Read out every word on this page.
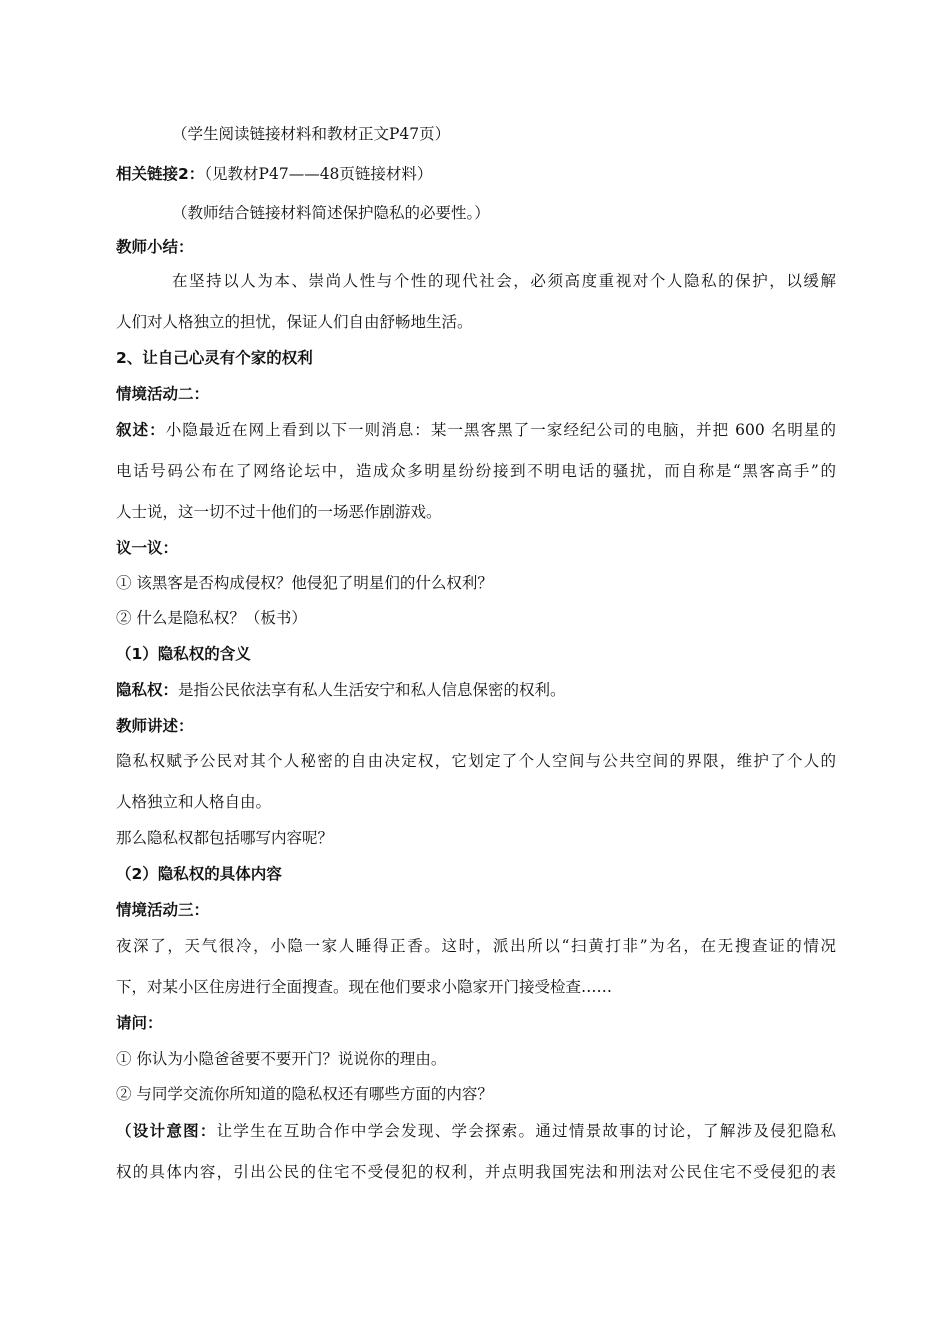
（学生阅读链接材料和教材正文P47页）
相关链接2：（见教材P47——48页链接材料）
（教师结合链接材料简述保护隐私的必要性。）
教师小结：
在坚持以人为本、崇尚人性与个性的现代社会，必须高度重视对个人隐私的保护，以缓解
人们对人格独立的担忧，保证人们自由舒畅地生活。
2、让自己心灵有个家的权利
情境活动二：
叙述：小隐最近在网上看到以下一则消息：某一黑客黑了一家经纪公司的电脑，并把 600 名明星的
电话号码公布在了网络论坛中，造成众多明星纷纷接到不明电话的骚扰，而自称是“黑客高手”的
人士说，这一切不过十他们的一场恶作剧游戏。
议一议：
① 该黑客是否构成侵权？他侵犯了明星们的什么权利？
② 什么是隐私权？（板书）
（1）隐私权的含义
隐私权：是指公民依法享有私人生活安宁和私人信息保密的权利。
教师讲述：
隐私权赋予公民对其个人秘密的自由决定权，它划定了个人空间与公共空间的界限，维护了个人的
人格独立和人格自由。
那么隐私权都包括哪写内容呢？
（2）隐私权的具体内容
情境活动三：
夜深了，天气很冷，小隐一家人睡得正香。这时，派出所以“扫黄打非”为名，在无搜查证的情况
下，对某小区住房进行全面搜查。现在他们要求小隐家开门接受检查……
请问：
① 你认为小隐爸爸要不要开门？说说你的理由。
② 与同学交流你所知道的隐私权还有哪些方面的内容？
（设计意图：让学生在互助合作中学会发现、学会探索。通过情景故事的讨论，了解涉及侵犯隐私
权的具体内容，引出公民的住宅不受侵犯的权利，并点明我国宪法和刑法对公民住宅不受侵犯的表
